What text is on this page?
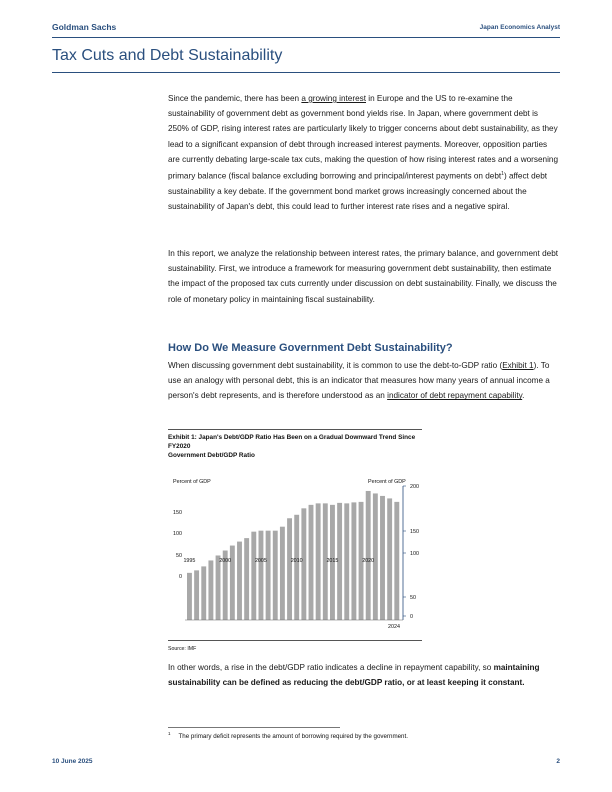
Goldman Sachs	Japan Economics Analyst
Tax Cuts and Debt Sustainability

Since the pandemic, there has been a growing interest in Europe and the US to re-examine the sustainability of government debt as government bond yields rise. In Japan, where government debt is 250% of GDP, rising interest rates are particularly likely to trigger concerns about debt sustainability, as they lead to a significant expansion of debt through increased interest payments. Moreover, opposition parties are currently debating large-scale tax cuts, making the question of how rising interest rates and a worsening primary balance (fiscal balance excluding borrowing and principal/interest payments on debt$^1$) affect debt sustainability a key debate. If the government bond market grows increasingly concerned about the sustainability of Japan's debt, this could lead to further interest rate rises and a negative spiral.

In this report, we analyze the relationship between interest rates, the primary balance, and government debt sustainability. First, we introduce a framework for measuring government debt sustainability, then estimate the impact of the proposed tax cuts currently under discussion on debt sustainability. Finally, we discuss the role of monetary policy in maintaining fiscal sustainability.

How Do We Measure Government Debt Sustainability?

When discussing government debt sustainability, it is common to use the debt-to-GDP ratio (Exhibit 1). To use an analogy with personal debt, this is an indicator that measures how many years of annual income a person's debt represents, and is therefore understood as an indicator of debt repayment capability.

Exhibit 1: Japan's Debt/GDP Ratio Has Been on a Gradual Downward Trend Since FY2020
Government Debt/GDP Ratio
Percent of GDP	Percent of GDP
0
50
100
150
0
50
100
150
200
1995	2000	2005	2010	2015	2020
2024
Source: IMF

In other words, a rise in the debt/GDP ratio indicates a decline in repayment capability, so maintaining sustainability can be defined as reducing the debt/GDP ratio, or at least keeping it constant.

$^1$ The primary deficit represents the amount of borrowing required by the government.
10 June 2025	2
